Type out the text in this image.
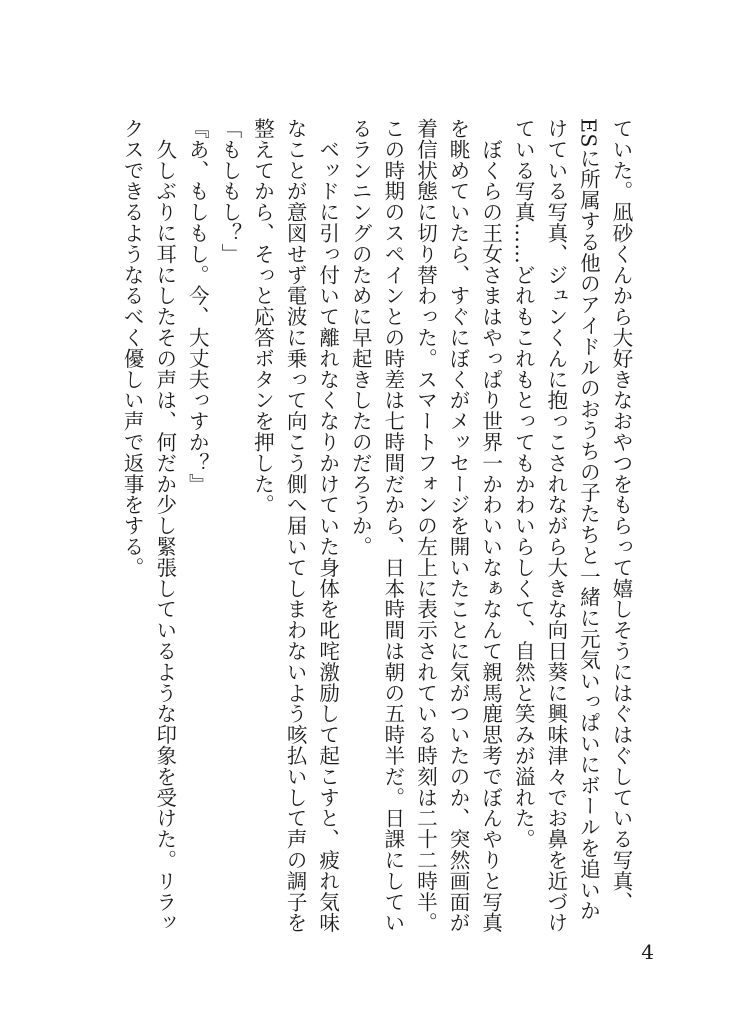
ていた。凪砂くんから大好きなおやつをもらって嬉しそうにはぐはぐしている写真、ESに所属する他のアイドルのおうちの子たちと一緒に元気いっぱいにボールを追いかけている写真、ジュンくんに抱っこされながら大きな向日葵に興味津々でお鼻を近づけている写真……どれもこれもとってもかわいらしくて、自然と笑みが溢れた。

　ぼくらの王女さまはやっぱり世界一かわいいなぁなんて親馬鹿思考でぼんやりと写真を眺めていたら、すぐにぼくがメッセージを開いたことに気がついたのか、突然画面が着信状態に切り替わった。スマートフォンの左上に表示されている時刻は二十二時半。この時期のスペインとの時差は七時間だから、日本時間は朝の五時半だ。日課にしているランニングのために早起きしたのだろうか。

　ベッドに引っ付いて離れなくなりかけていた身体を叱咤激励して起こすと、疲れ気味なことが意図せず電波に乗って向こう側へ届いてしまわないよう咳払いして声の調子を整えてから、そっと応答ボタンを押した。

「もしもし？」

『あ、もしもし。今、大丈夫っすか？』

　久しぶりに耳にしたその声は、何だか少し緊張しているような印象を受けた。リラックスできるようなるべく優しい声で返事をする。

4
